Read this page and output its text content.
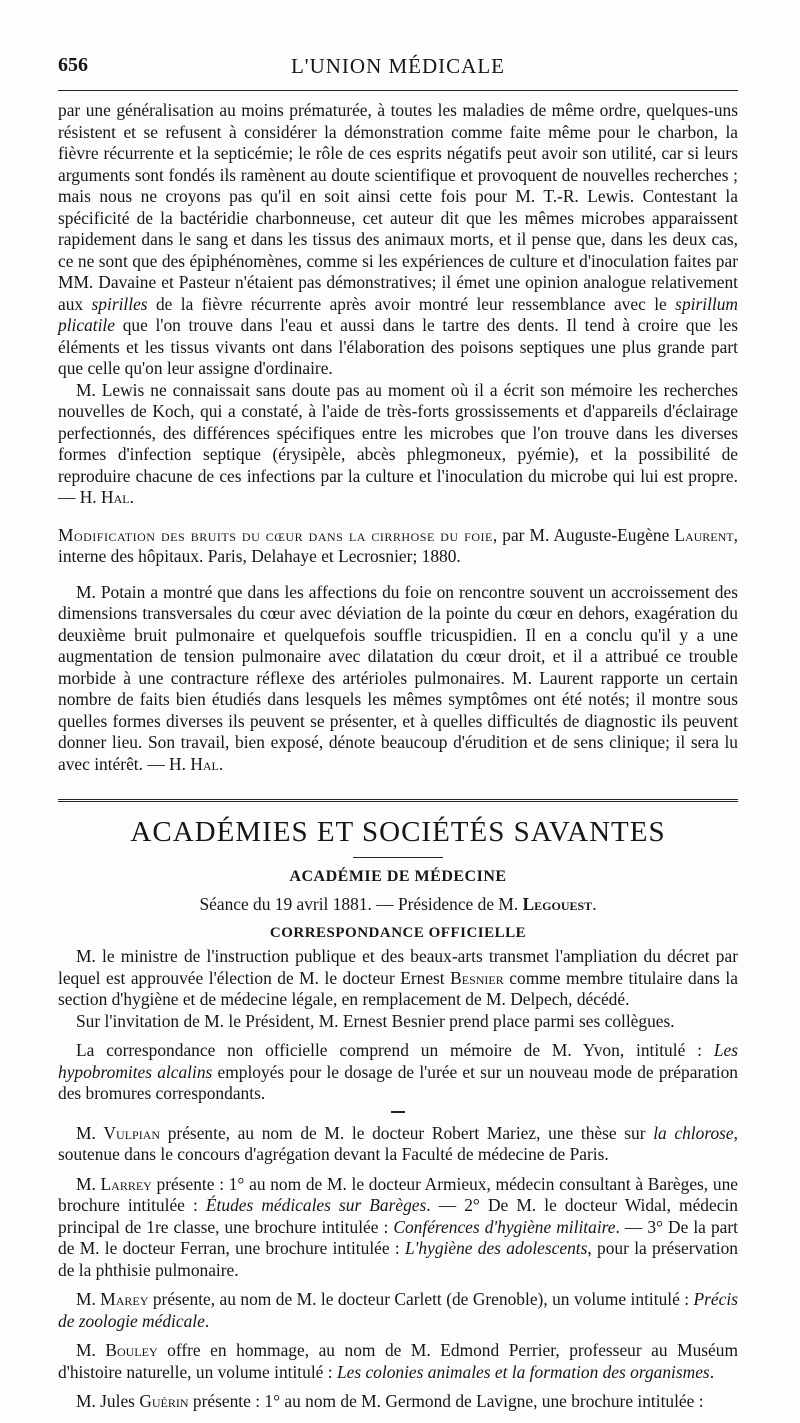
656	L'UNION MÉDICALE

par une généralisation au moins prématurée, à toutes les maladies de même ordre, quelques-uns résistent et se refusent à considérer la démonstration comme faite même pour le charbon, la fièvre récurrente et la septicémie; le rôle de ces esprits négatifs peut avoir son utilité, car si leurs arguments sont fondés ils ramènent au doute scientifique et provoquent de nouvelles recherches ; mais nous ne croyons pas qu'il en soit ainsi cette fois pour M. T.-R. Lewis. Contestant la spécificité de la bactéridie charbonneuse, cet auteur dit que les mêmes microbes apparaissent rapidement dans le sang et dans les tissus des animaux morts, et il pense que, dans les deux cas, ce ne sont que des épiphénomènes, comme si les expériences de culture et d'inoculation faites par MM. Davaine et Pasteur n'étaient pas démonstratives; il émet une opinion analogue relativement aux spirilles de la fièvre récurrente après avoir montré leur ressemblance avec le spirillum plicatile que l'on trouve dans l'eau et aussi dans le tartre des dents. Il tend à croire que les éléments et les tissus vivants ont dans l'élaboration des poisons septiques une plus grande part que celle qu'on leur assigne d'ordinaire.

M. Lewis ne connaissait sans doute pas au moment où il a écrit son mémoire les recherches nouvelles de Koch, qui a constaté, à l'aide de très-forts grossissements et d'appareils d'éclairage perfectionnés, des différences spécifiques entre les microbes que l'on trouve dans les diverses formes d'infection septique (érysipèle, abcès phlegmoneux, pyémie), et la possibilité de reproduire chacune de ces infections par la culture et l'inoculation du microbe qui lui est propre. — H. Hal.

Modification des bruits du cœur dans la cirrhose du foie, par M. Auguste-Eugène Laurent, interne des hôpitaux. Paris, Delahaye et Lecrosnier; 1880.

M. Potain a montré que dans les affections du foie on rencontre souvent un accroissement des dimensions transversales du cœur avec déviation de la pointe du cœur en dehors, exagération du deuxième bruit pulmonaire et quelquefois souffle tricuspidien. Il en a conclu qu'il y a une augmentation de tension pulmonaire avec dilatation du cœur droit, et il a attribué ce trouble morbide à une contracture réflexe des artérioles pulmonaires. M. Laurent rapporte un certain nombre de faits bien étudiés dans lesquels les mêmes symptômes ont été notés; il montre sous quelles formes diverses ils peuvent se présenter, et à quelles difficultés de diagnostic ils peuvent donner lieu. Son travail, bien exposé, dénote beaucoup d'érudition et de sens clinique; il sera lu avec intérêt. — H. Hal.

ACADÉMIES ET SOCIÉTÉS SAVANTES
ACADÉMIE DE MÉDECINE
Séance du 19 avril 1881. — Présidence de M. Legouest.
CORRESPONDANCE OFFICIELLE

M. le ministre de l'instruction publique et des beaux-arts transmet l'ampliation du décret par lequel est approuvée l'élection de M. le docteur Ernest Besnier comme membre titulaire dans la section d'hygiène et de médecine légale, en remplacement de M. Delpech, décédé.

Sur l'invitation de M. le Président, M. Ernest Besnier prend place parmi ses collègues.

La correspondance non officielle comprend un mémoire de M. Yvon, intitulé : Les hypobromites alcalins employés pour le dosage de l'urée et sur un nouveau mode de préparation des bromures correspondants.

M. Vulpian présente, au nom de M. le docteur Robert Mariez, une thèse sur la chlorose, soutenue dans le concours d'agrégation devant la Faculté de médecine de Paris.

M. Larrey présente : 1° au nom de M. le docteur Armieux, médecin consultant à Barèges, une brochure intitulée : Études médicales sur Barèges. — 2° De M. le docteur Widal, médecin principal de 1re classe, une brochure intitulée : Conférences d'hygiène militaire. — 3° De la part de M. le docteur Ferran, une brochure intitulée : L'hygiène des adolescents, pour la préservation de la phthisie pulmonaire.

M. Marey présente, au nom de M. le docteur Carlett (de Grenoble), un volume intitulé : Précis de zoologie médicale.

M. Bouley offre en hommage, au nom de M. Edmond Perrier, professeur au Muséum d'histoire naturelle, un volume intitulé : Les colonies animales et la formation des organismes.

M. Jules Guérin présente : 1° au nom de M. Germond de Lavigne, une brochure intitulée :
